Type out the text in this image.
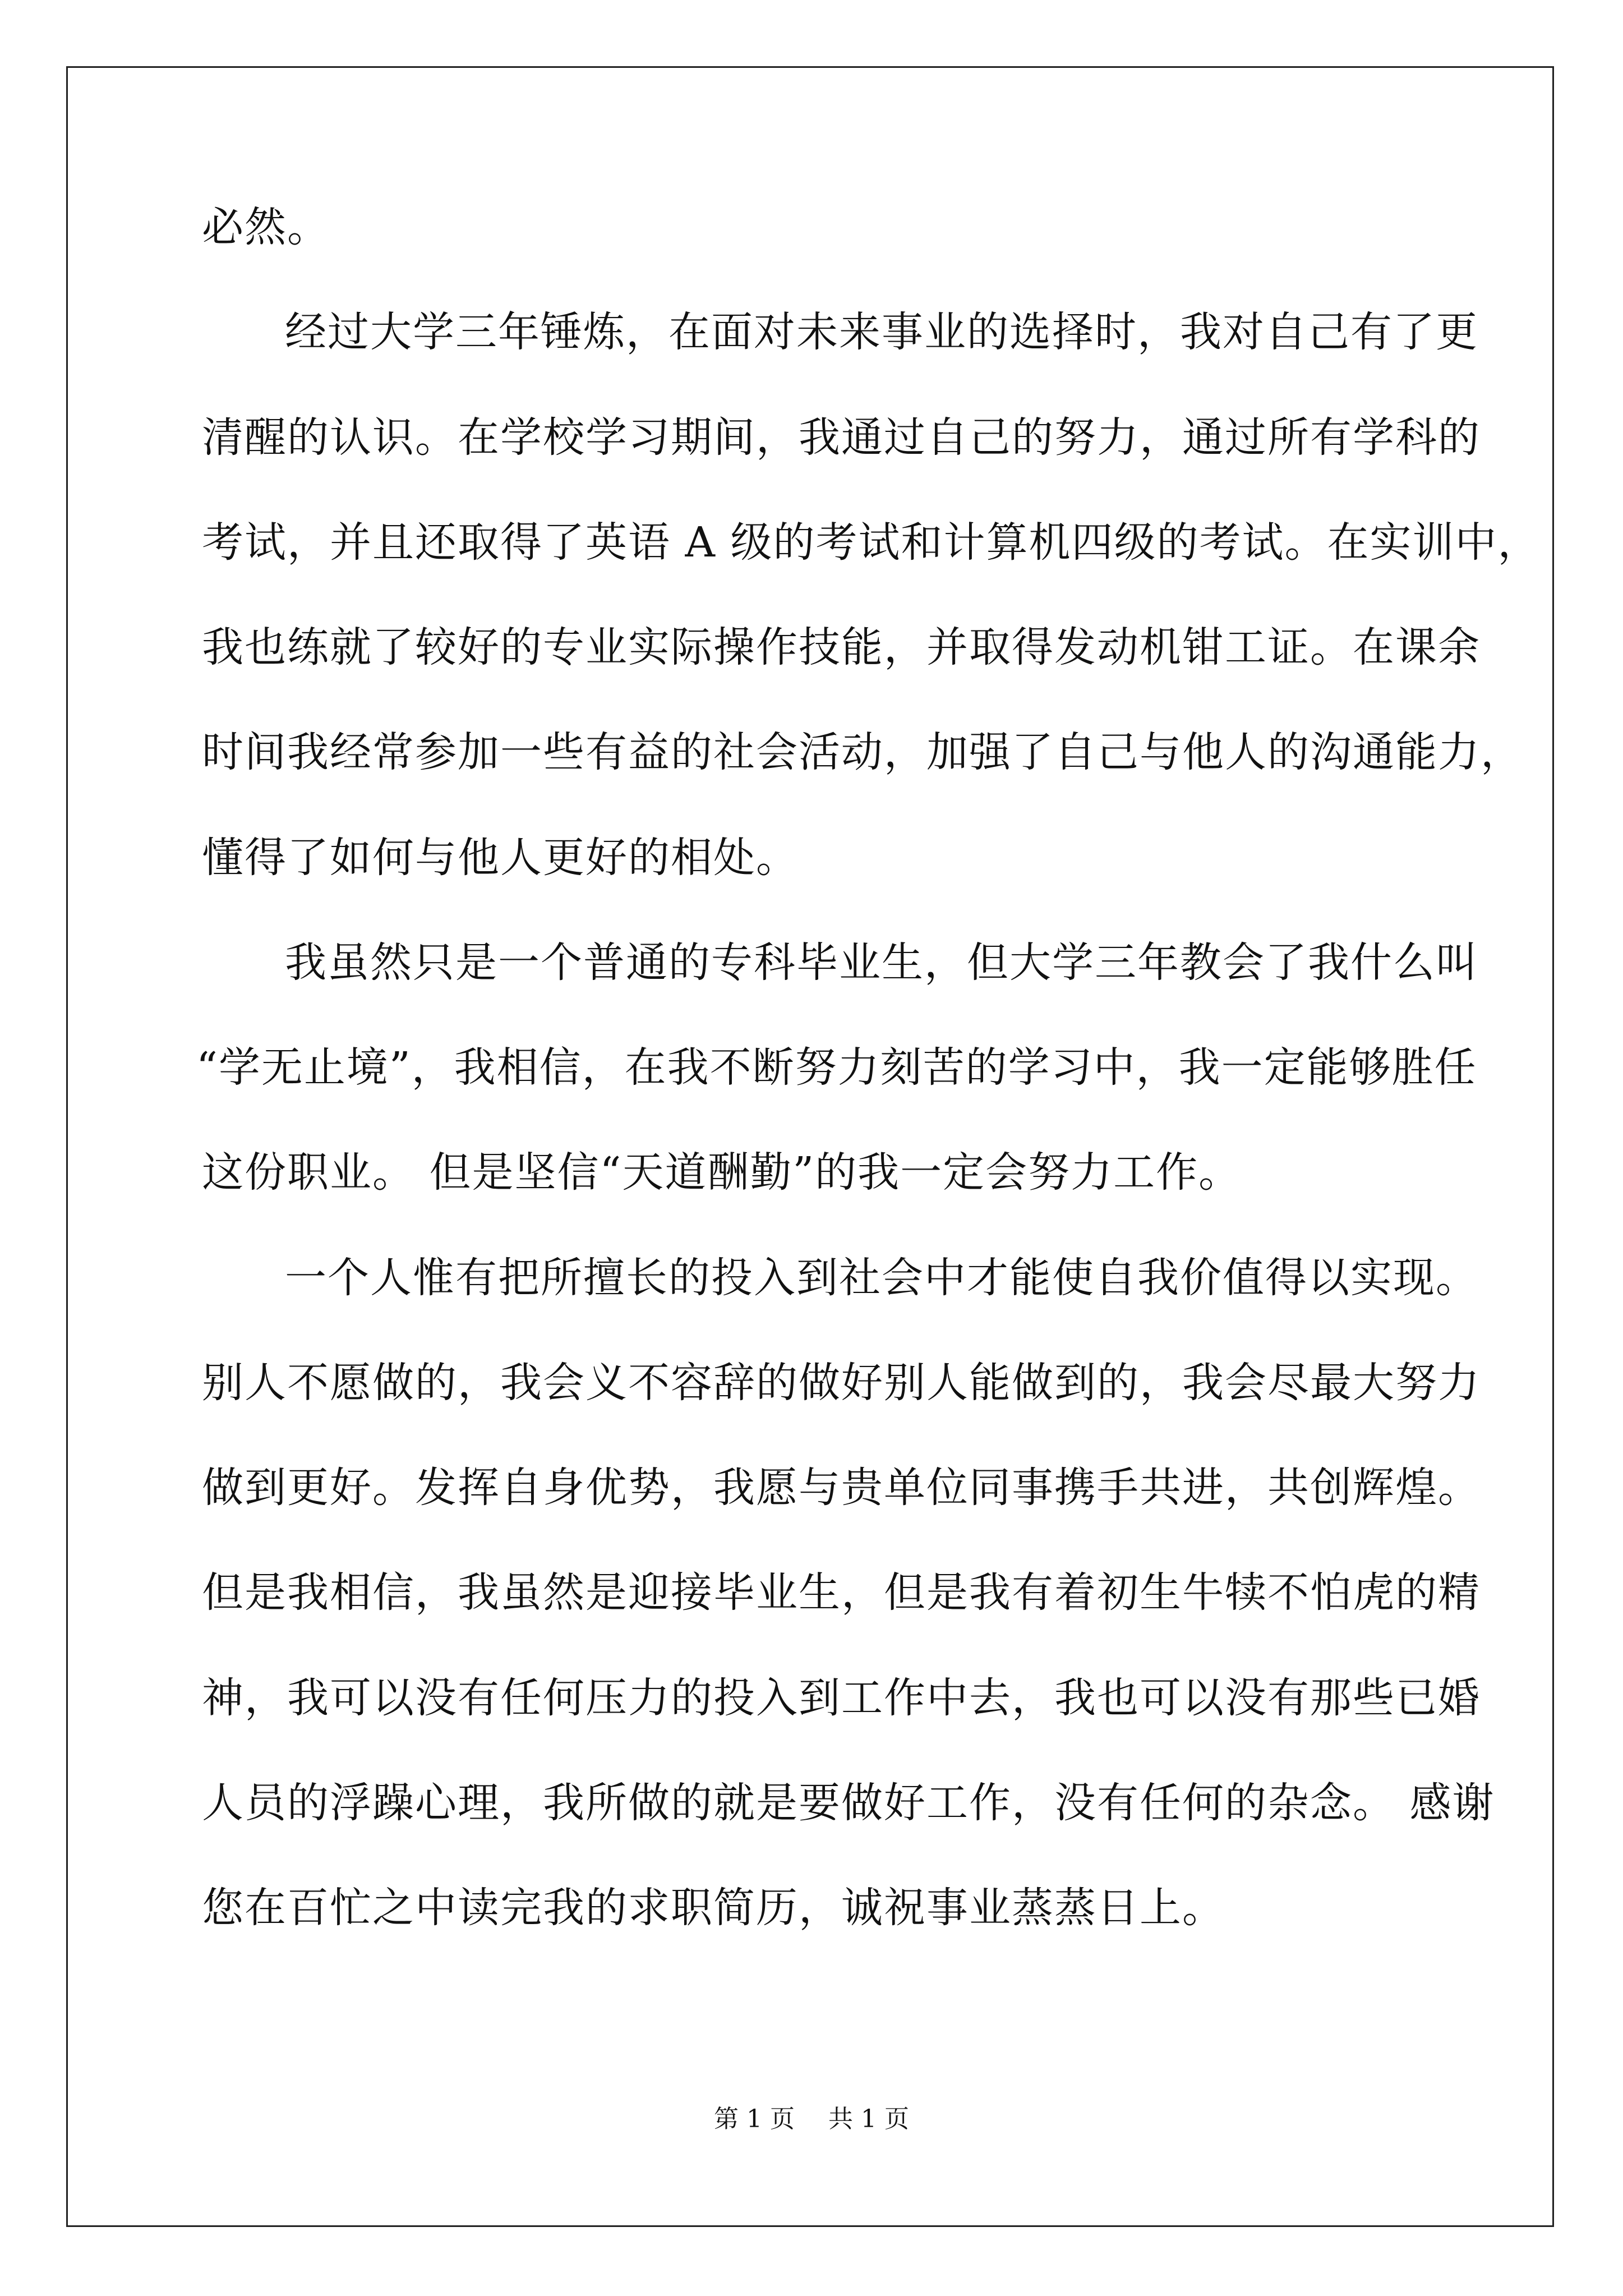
必然。
经过大学三年锤炼，在面对未来事业的选择时，我对自己有了更
清醒的认识。在学校学习期间，我通过自己的努力，通过所有学科的
考试，并且还取得了英语 A 级的考试和计算机四级的考试。在实训中，
我也练就了较好的专业实际操作技能，并取得发动机钳工证。在课余
时间我经常参加一些有益的社会活动，加强了自己与他人的沟通能力，
懂得了如何与他人更好的相处。
我虽然只是一个普通的专科毕业生，但大学三年教会了我什么叫
“学无止境”，我相信，在我不断努力刻苦的学习中，我一定能够胜任
这份职业。 但是坚信“天道酬勤”的我一定会努力工作。
一个人惟有把所擅长的投入到社会中才能使自我价值得以实现。
别人不愿做的，我会义不容辞的做好别人能做到的，我会尽最大努力
做到更好。发挥自身优势，我愿与贵单位同事携手共进，共创辉煌。
但是我相信，我虽然是迎接毕业生，但是我有着初生牛犊不怕虎的精
神，我可以没有任何压力的投入到工作中去，我也可以没有那些已婚
人员的浮躁心理，我所做的就是要做好工作，没有任何的杂念。 感谢
您在百忙之中读完我的求职简历，诚祝事业蒸蒸日上。
第 1 页 共 1 页
